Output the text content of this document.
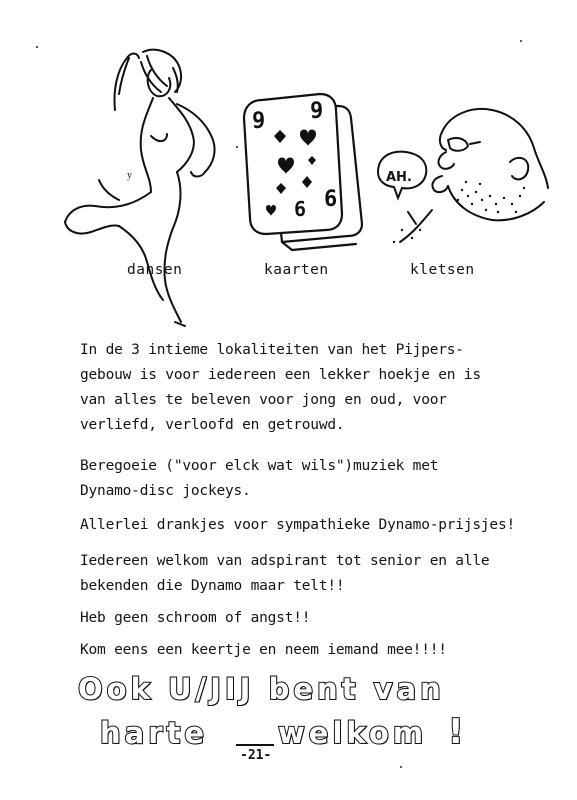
y
9 9
6 6
AH.
dansen	kaarten	kletsen
In de 3 intieme lokaliteiten van het Pijpers-
gebouw is voor iedereen een lekker hoekje en is
van alles te beleven voor jong en oud, voor
verliefd, verloofd en getrouwd.
Beregoeie ("voor elck wat wils")muziek met
Dynamo-disc jockeys.
Allerlei drankjes voor sympathieke Dynamo-prijsjes!
Iedereen welkom van adspirant tot senior en alle
bekenden die Dynamo maar telt!!
Heb geen schroom of angst!!
Kom eens een keertje en neem iemand mee!!!!
Ook U/JIJ bent van
harte welkom !
-21-
